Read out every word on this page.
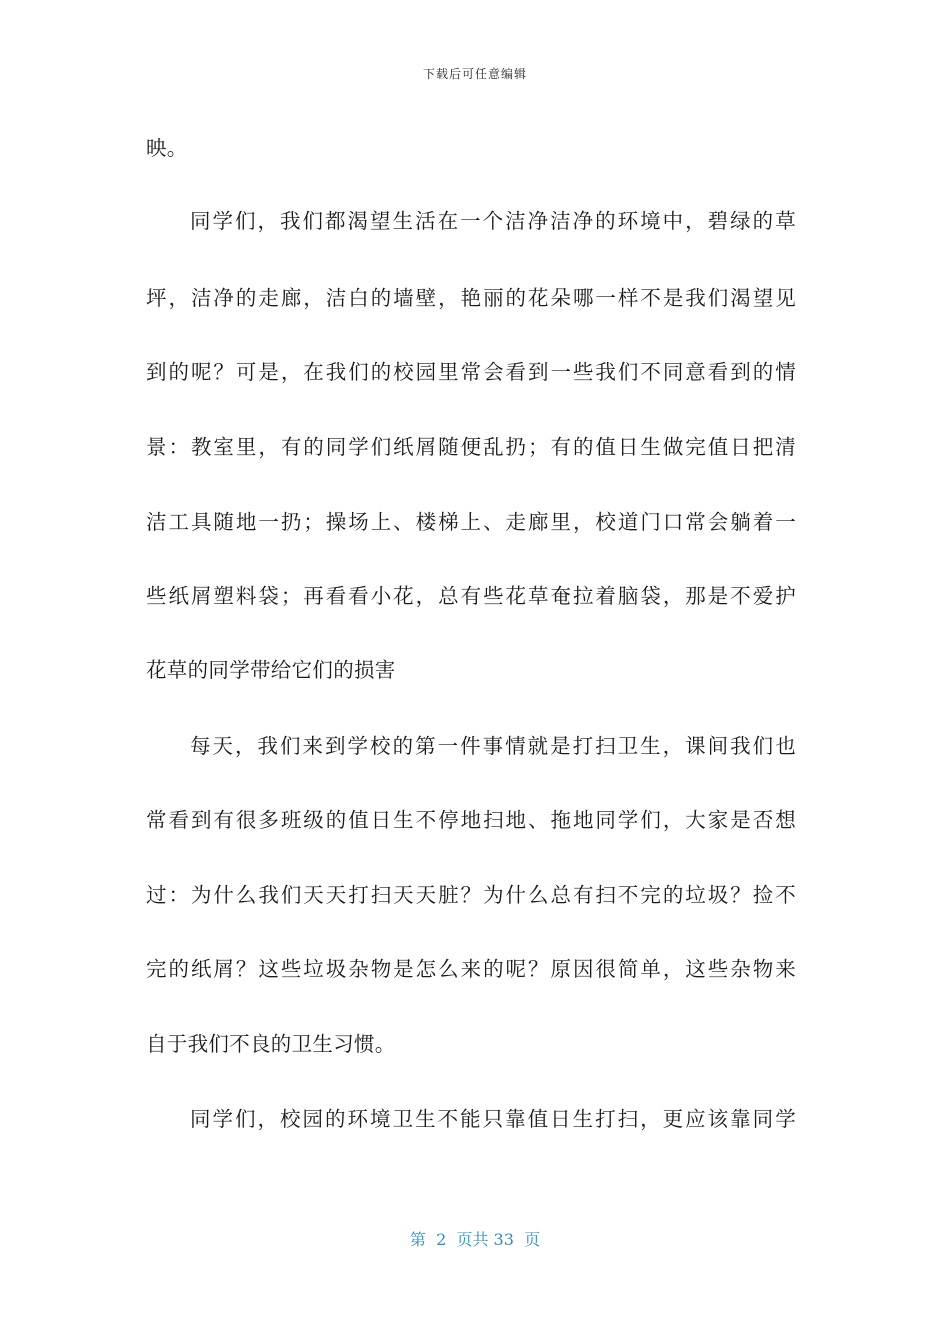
下载后可任意编辑
映。
同学们，我们都渴望生活在一个洁净洁净的环境中，碧绿的草
坪，洁净的走廊，洁白的墙壁，艳丽的花朵哪一样不是我们渴望见
到的呢？可是，在我们的校园里常会看到一些我们不同意看到的情
景：教室里，有的同学们纸屑随便乱扔；有的值日生做完值日把清
洁工具随地一扔；操场上、楼梯上、走廊里，校道门口常会躺着一
些纸屑塑料袋；再看看小花，总有些花草奄拉着脑袋，那是不爱护
花草的同学带给它们的损害
每天，我们来到学校的第一件事情就是打扫卫生，课间我们也
常看到有很多班级的值日生不停地扫地、拖地同学们，大家是否想
过：为什么我们天天打扫天天脏？为什么总有扫不完的垃圾？捡不
完的纸屑？这些垃圾杂物是怎么来的呢？原因很简单，这些杂物来
自于我们不良的卫生习惯。
同学们，校园的环境卫生不能只靠值日生打扫，更应该靠同学
第  2  页共 33  页
